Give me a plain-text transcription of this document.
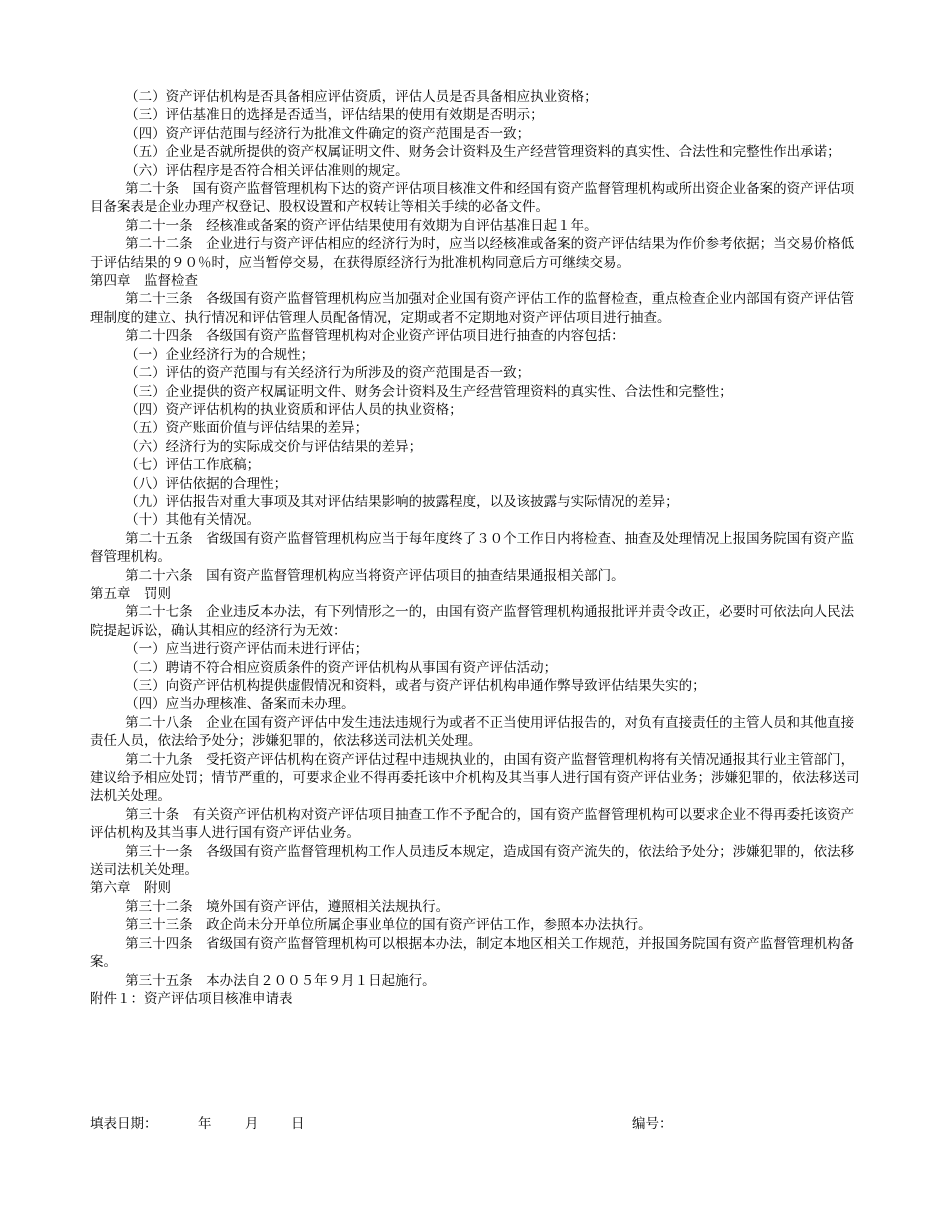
（二）资产评估机构是否具备相应评估资质，评估人员是否具备相应执业资格；

（三）评估基准日的选择是否适当，评估结果的使用有效期是否明示；

（四）资产评估范围与经济行为批准文件确定的资产范围是否一致；

（五）企业是否就所提供的资产权属证明文件、财务会计资料及生产经营管理资料的真实性、合法性和完整性作出承诺；

（六）评估程序是否符合相关评估准则的规定。

第二十条　国有资产监督管理机构下达的资产评估项目核准文件和经国有资产监督管理机构或所出资企业备案的资产评估项目备案表是企业办理产权登记、股权设置和产权转让等相关手续的必备文件。

第二十一条　经核准或备案的资产评估结果使用有效期为自评估基准日起１年。

第二十二条　企业进行与资产评估相应的经济行为时，应当以经核准或备案的资产评估结果为作价参考依据；当交易价格低于评估结果的９０％时，应当暂停交易，在获得原经济行为批准机构同意后方可继续交易。

第四章　监督检查

第二十三条　各级国有资产监督管理机构应当加强对企业国有资产评估工作的监督检查，重点检查企业内部国有资产评估管理制度的建立、执行情况和评估管理人员配备情况，定期或者不定期地对资产评估项目进行抽查。

第二十四条　各级国有资产监督管理机构对企业资产评估项目进行抽查的内容包括：

（一）企业经济行为的合规性；

（二）评估的资产范围与有关经济行为所涉及的资产范围是否一致；

（三）企业提供的资产权属证明文件、财务会计资料及生产经营管理资料的真实性、合法性和完整性；

（四）资产评估机构的执业资质和评估人员的执业资格；

（五）资产账面价值与评估结果的差异；

（六）经济行为的实际成交价与评估结果的差异；

（七）评估工作底稿；

（八）评估依据的合理性；

（九）评估报告对重大事项及其对评估结果影响的披露程度，以及该披露与实际情况的差异；

（十）其他有关情况。

第二十五条　省级国有资产监督管理机构应当于每年度终了３０个工作日内将检查、抽查及处理情况上报国务院国有资产监督管理机构。

第二十六条　国有资产监督管理机构应当将资产评估项目的抽查结果通报相关部门。

第五章　罚则

第二十七条　企业违反本办法，有下列情形之一的，由国有资产监督管理机构通报批评并责令改正，必要时可依法向人民法院提起诉讼，确认其相应的经济行为无效：

（一）应当进行资产评估而未进行评估；

（二）聘请不符合相应资质条件的资产评估机构从事国有资产评估活动；

（三）向资产评估机构提供虚假情况和资料，或者与资产评估机构串通作弊导致评估结果失实的；

（四）应当办理核准、备案而未办理。

第二十八条　企业在国有资产评估中发生违法违规行为或者不正当使用评估报告的，对负有直接责任的主管人员和其他直接责任人员，依法给予处分；涉嫌犯罪的，依法移送司法机关处理。

第二十九条　受托资产评估机构在资产评估过程中违规执业的，由国有资产监督管理机构将有关情况通报其行业主管部门，建议给予相应处罚；情节严重的，可要求企业不得再委托该中介机构及其当事人进行国有资产评估业务；涉嫌犯罪的，依法移送司法机关处理。

第三十条　有关资产评估机构对资产评估项目抽查工作不予配合的，国有资产监督管理机构可以要求企业不得再委托该资产评估机构及其当事人进行国有资产评估业务。

第三十一条　各级国有资产监督管理机构工作人员违反本规定，造成国有资产流失的，依法给予处分；涉嫌犯罪的，依法移送司法机关处理。

第六章　附则

第三十二条　境外国有资产评估，遵照相关法规执行。

第三十三条　政企尚未分开单位所属企事业单位的国有资产评估工作，参照本办法执行。

第三十四条　省级国有资产监督管理机构可以根据本办法，制定本地区相关工作规范，并报国务院国有资产监督管理机构备案。

第三十五条　本办法自２００５年９月１日起施行。

附件１：资产评估项目核准申请表

填表日期：	年 月 日	编号：
